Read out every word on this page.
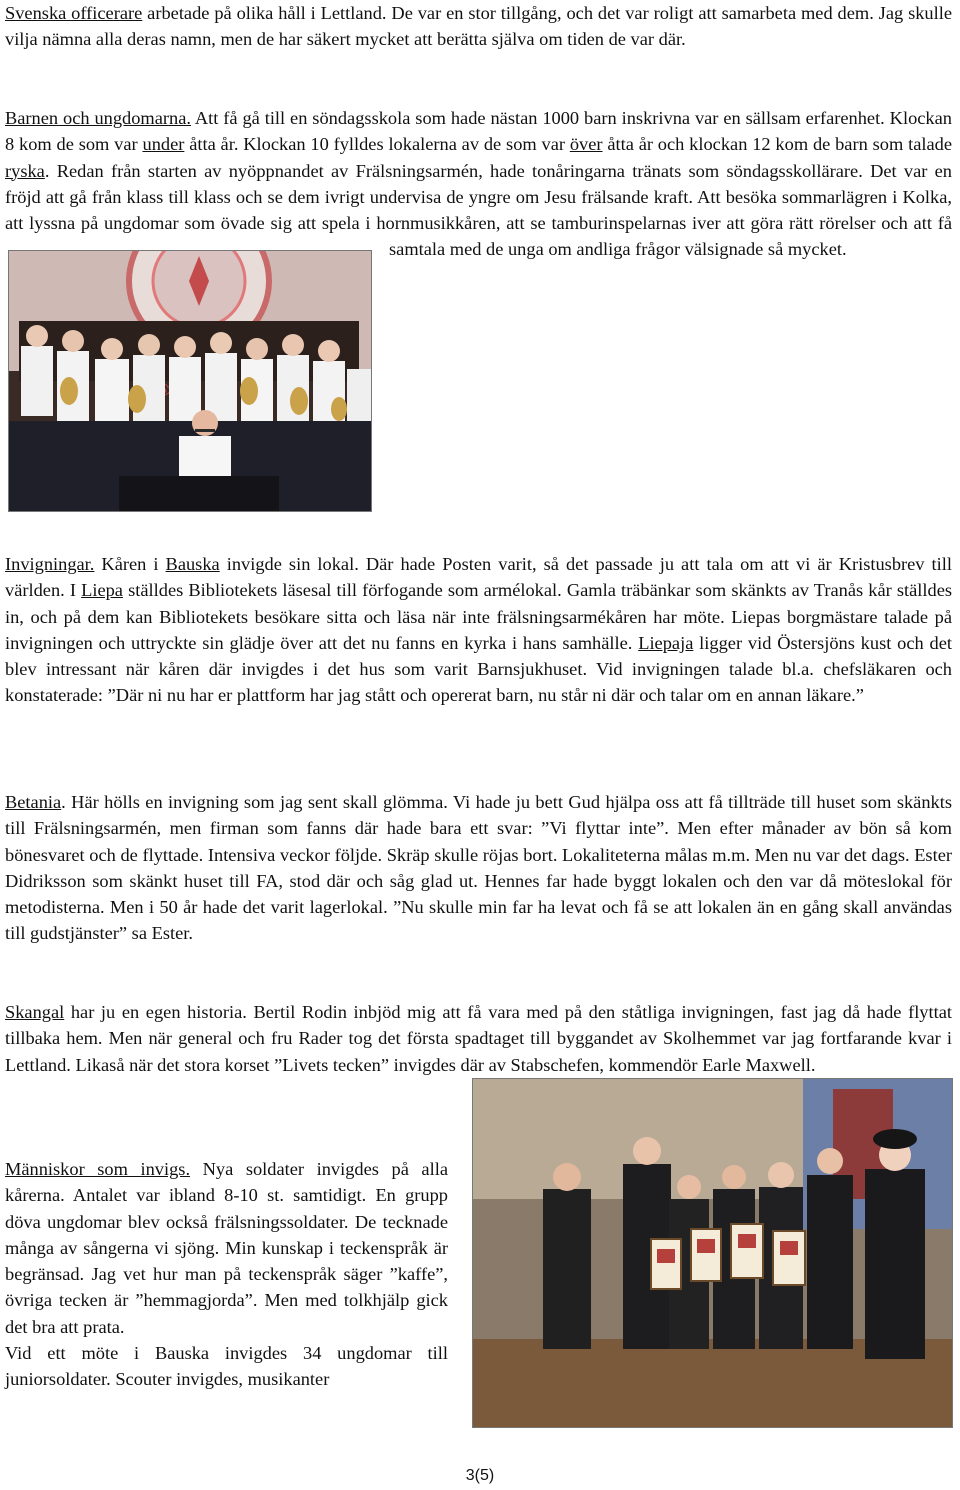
Svenska officerare arbetade på olika håll i Lettland. De var en stor tillgång, och det var roligt att samarbeta med dem. Jag skulle vilja nämna alla deras namn, men de har säkert mycket att berätta själva om tiden de var där.

Barnen och ungdomarna. Att få gå till en söndagsskola som hade nästan 1000 barn inskrivna var en sällsam erfarenhet. Klockan 8 kom de som var under åtta år. Klockan 10 fylldes lokalerna av de som var över åtta år och klockan 12 kom de barn som talade ryska. Redan från starten av nyöppnandet av Frälsningsarmén, hade tonåringarna tränats som söndagsskollärare. Det var en fröjd att gå från klass till klass och se dem ivrigt undervisa de yngre om Jesu frälsande kraft. Att besöka sommarlägren i Kolka, att lyssna på ungdomar som övade sig att spela i hornmusikkåren, att se tamburinspelarnas iver att göra rätt rörelser och att få samtala med de unga om andliga frågor välsignade så mycket.

Invigningar. Kåren i Bauska invigde sin lokal. Där hade Posten varit, så det passade ju att tala om att vi är Kristusbrev till världen. I Liepa ställdes Bibliotekets läsesal till förfogande som armélokal. Gamla träbänkar som skänkts av Tranås kår ställdes in, och på dem kan Bibliotekets besökare sitta och läsa när inte frälsningsarmékåren har möte. Liepas borgmästare talade på invigningen och uttryckte sin glädje över att det nu fanns en kyrka i hans samhälle. Liepaja ligger vid Östersjöns kust och det blev intressant när kåren där invigdes i det hus som varit Barnsjukhuset. Vid invigningen talade bl.a. chefsläkaren och konstaterade: ”Där ni nu har er plattform har jag stått och opererat barn, nu står ni där och talar om en annan läkare.”

Betania. Här hölls en invigning som jag sent skall glömma. Vi hade ju bett Gud hjälpa oss att få tillträde till huset som skänkts till Frälsningsarmén, men firman som fanns där hade bara ett svar: ”Vi flyttar inte”. Men efter månader av bön så kom bönesvaret och de flyttade. Intensiva veckor följde. Skräp skulle röjas bort. Lokaliteterna målas m.m. Men nu var det dags. Ester Didriksson som skänkt huset till FA, stod där och såg glad ut. Hennes far hade byggt lokalen och den var då möteslokal för metodisterna. Men i 50 år hade det varit lagerlokal. ”Nu skulle min far ha levat och få se att lokalen än en gång skall användas till gudstjänster” sa Ester.

Skangal har ju en egen historia. Bertil Rodin inbjöd mig att få vara med på den ståtliga invigningen, fast jag då hade flyttat tillbaka hem. Men när general och fru Rader tog det första spadtaget till byggandet av Skolhemmet var jag fortfarande kvar i Lettland. Likaså när det stora korset ”Livets tecken” invigdes där av Stabschefen, kommendör Earle Maxwell.

Människor som invigs. Nya soldater invigdes på alla kårerna. Antalet var ibland 8-10 st. samtidigt. En grupp döva ungdomar blev också frälsningssoldater. De tecknade många av sångerna vi sjöng. Min kunskap i teckenspråk är begränsad. Jag vet hur man på teckenspråk säger ”kaffe”, övriga tecken är ”hemmagjorda”. Men med tolkhjälp gick det bra att prata.

Vid ett möte i Bauska invigdes 34 ungdomar till juniorsoldater. Scouter invigdes, musikanter

3(5)
